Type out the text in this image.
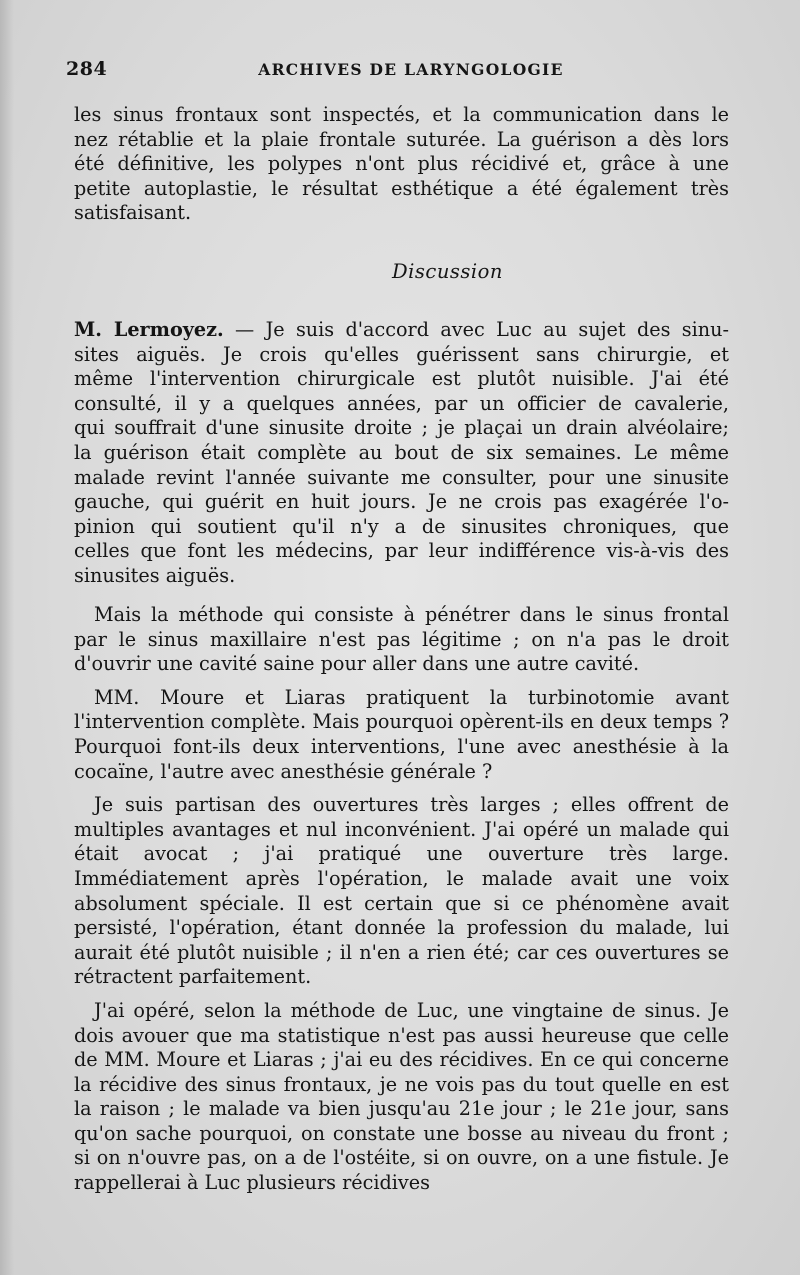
284	ARCHIVES DE LARYNGOLOGIE
les sinus frontaux sont inspectés, et la communication dans le
nez rétablie et la plaie frontale suturée. La guérison a dès lors
été définitive, les polypes n'ont plus récidivé et, grâce à une
petite autoplastie, le résultat esthétique a été également très
satisfaisant.
Discussion
M. Lermoyez. — Je suis d'accord avec Luc au sujet des sinu-
sites aiguës. Je crois qu'elles guérissent sans chirurgie, et
même l'intervention chirurgicale est plutôt nuisible. J'ai été
consulté, il y a quelques années, par un officier de cavalerie,
qui souffrait d'une sinusite droite ; je plaçai un drain alvéolaire;
la guérison était complète au bout de six semaines. Le même
malade revint l'année suivante me consulter, pour une sinusite
gauche, qui guérit en huit jours. Je ne crois pas exagérée l'o-
pinion qui soutient qu'il n'y a de sinusites chroniques, que
celles que font les médecins, par leur indifférence vis-à-vis des
sinusites aiguës.
Mais la méthode qui consiste à pénétrer dans le sinus frontal par le sinus maxillaire n'est pas légitime ; on n'a pas le droit d'ouvrir une cavité saine pour aller dans une autre cavité.
MM. Moure et Liaras pratiquent la turbinotomie avant l'intervention complète. Mais pourquoi opèrent-ils en deux temps ? Pourquoi font-ils deux interventions, l'une avec anesthésie à la cocaïne, l'autre avec anesthésie générale ?
Je suis partisan des ouvertures très larges ; elles offrent de multiples avantages et nul inconvénient. J'ai opéré un malade qui était avocat ; j'ai pratiqué une ouverture très large. Immédiatement après l'opération, le malade avait une voix absolument spéciale. Il est certain que si ce phénomène avait persisté, l'opération, étant donnée la profession du malade, lui aurait été plutôt nuisible ; il n'en a rien été; car ces ouvertures se rétractent parfaitement.
J'ai opéré, selon la méthode de Luc, une vingtaine de sinus. Je dois avouer que ma statistique n'est pas aussi heureuse que celle de MM. Moure et Liaras ; j'ai eu des récidives. En ce qui concerne la récidive des sinus frontaux, je ne vois pas du tout quelle en est la raison ; le malade va bien jusqu'au 21e jour ; le 21e jour, sans qu'on sache pourquoi, on constate une bosse au niveau du front ; si on n'ouvre pas, on a de l'ostéite, si on ouvre, on a une fistule. Je rappellerai à Luc plusieurs récidives
